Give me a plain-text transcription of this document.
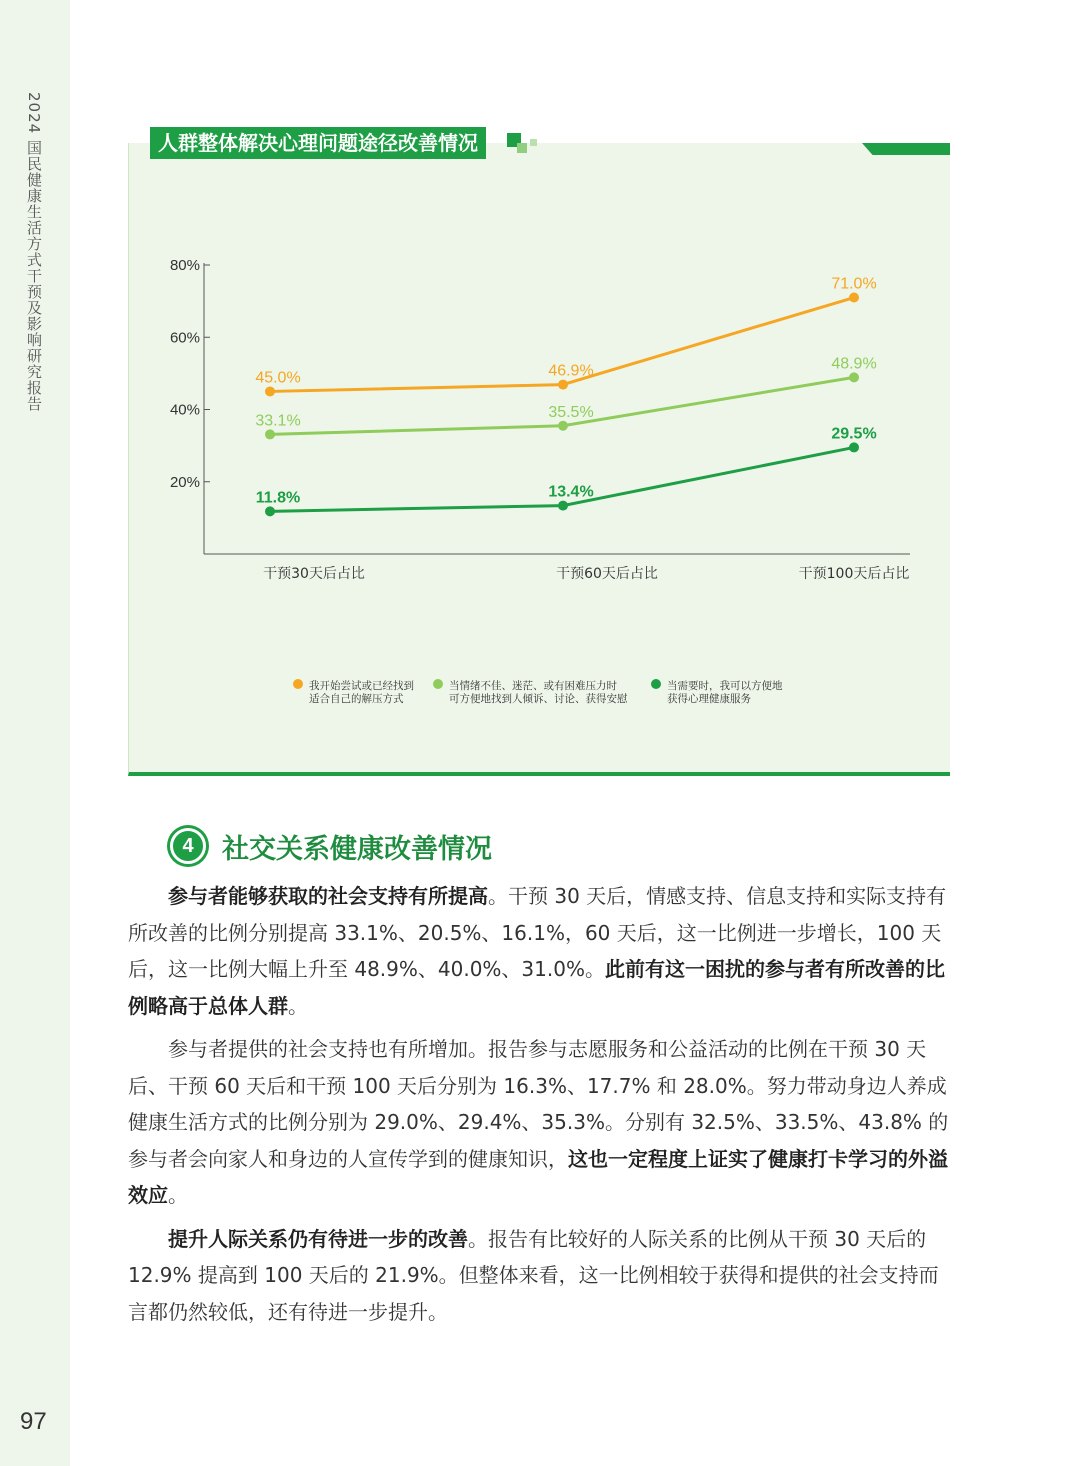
2024 国民健康生活方式干预及影响研究报告
97
人群整体解决心理问题途径改善情况
20%
40%
60%
80%
干预30天后占比	干预60天后占比	干预100天后占比
45.0%	46.9%
71.0%
33.1%
35.5%
48.9%
11.8%	13.4%
29.5%
我开始尝试或已经找到
适合自己的解压方式
当情绪不佳、迷茫、或有困难压力时
可方便地找到人倾诉、讨论、获得安慰
当需要时，我可以方便地
获得心理健康服务
4	社交关系健康改善情况

参与者能够获取的社会支持有所提高。干预 30 天后，情感支持、信息支持和实际支持有所改善的比例分别提高 33.1%、20.5%、16.1%，60 天后，这一比例进一步增长，100 天后，这一比例大幅上升至 48.9%、40.0%、31.0%。此前有这一困扰的参与者有所改善的比例略高于总体人群。

参与者提供的社会支持也有所增加。报告参与志愿服务和公益活动的比例在干预 30 天后、干预 60 天后和干预 100 天后分别为 16.3%、17.7% 和 28.0%。努力带动身边人养成健康生活方式的比例分别为 29.0%、29.4%、35.3%。分别有 32.5%、33.5%、43.8% 的参与者会向家人和身边的人宣传学到的健康知识，这也一定程度上证实了健康打卡学习的外溢效应。

提升人际关系仍有待进一步的改善。报告有比较好的人际关系的比例从干预 30 天后的 12.9% 提高到 100 天后的 21.9%。但整体来看，这一比例相较于获得和提供的社会支持而言都仍然较低，还有待进一步提升。
